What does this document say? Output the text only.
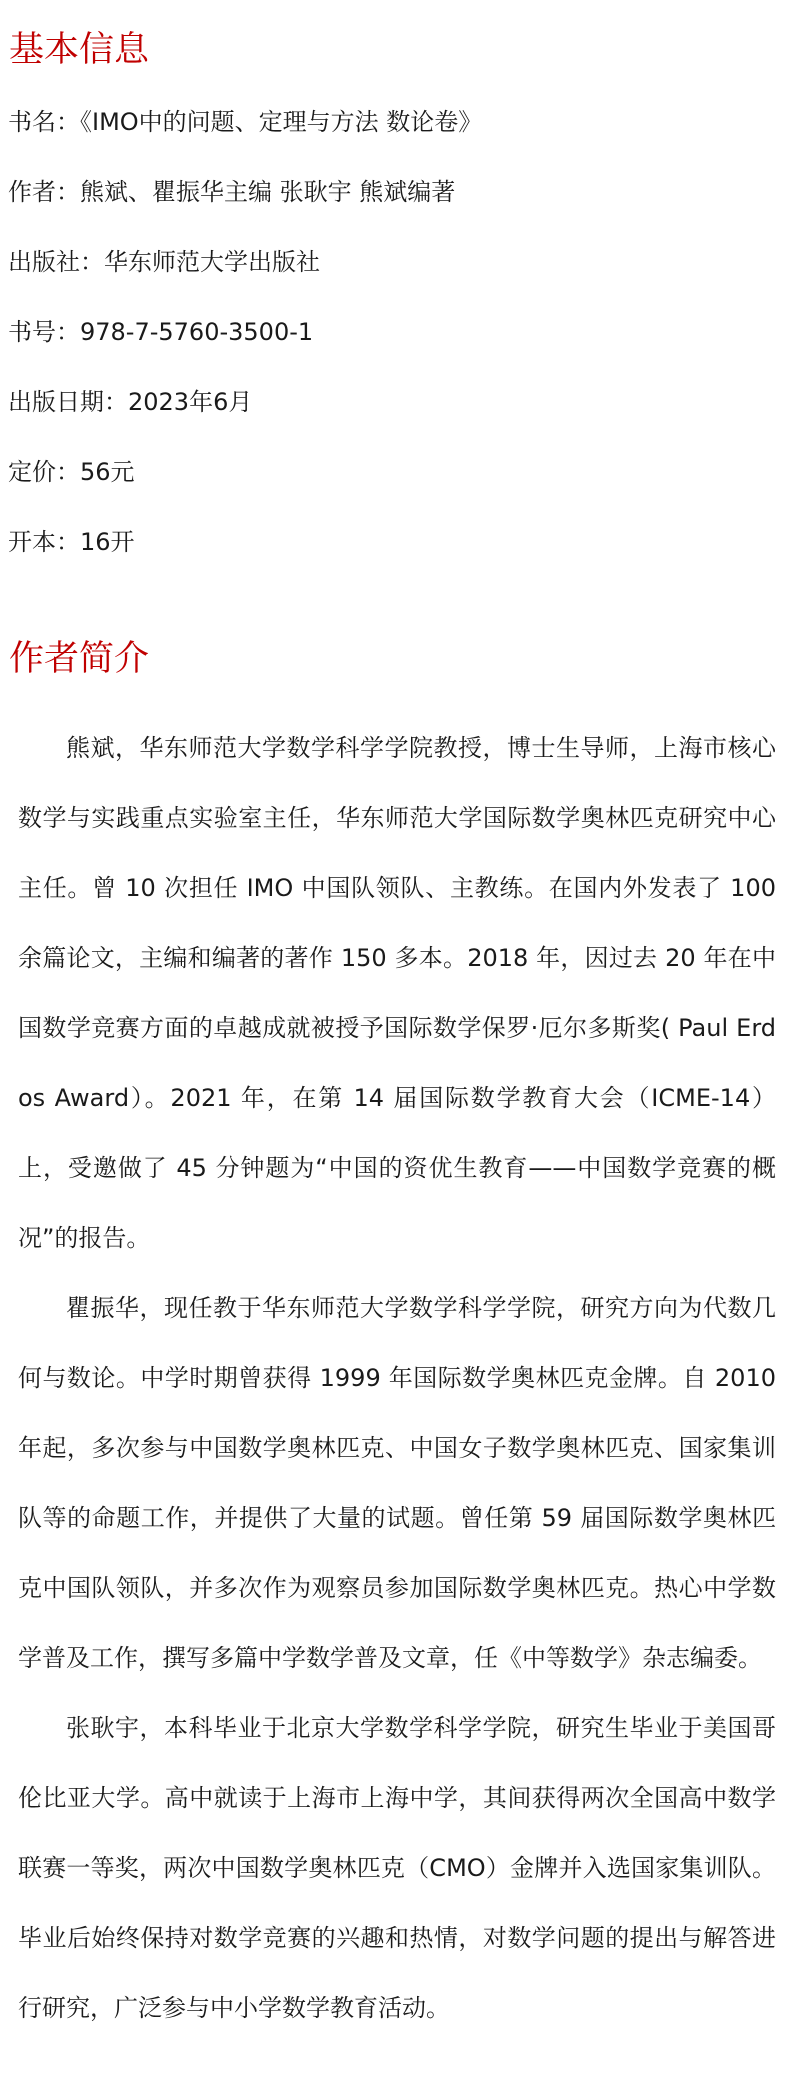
基本信息
书名：《IMO中的问题、定理与方法 数论卷》
作者：熊斌、瞿振华主编 张耿宇 熊斌编著
出版社：华东师范大学出版社
书号：978-7-5760-3500-1
出版日期：2023年6月
定价：56元
开本：16开
作者简介

熊斌，华东师范大学数学科学学院教授，博士生导师，上海市核心数学与实践重点实验室主任，华东师范大学国际数学奥林匹克研究中心主任。曾 10 次担任 IMO 中国队领队、主教练。在国内外发表了 100 余篇论文，主编和编著的著作 150 多本。2018 年，因过去 20 年在中国数学竞赛方面的卓越成就被授予国际数学保罗·厄尔多斯奖( Paul Erdos Award）。2021 年，在第 14 届国际数学教育大会（ICME-14）上，受邀做了 45 分钟题为“中国的资优生教育——中国数学竞赛的概况”的报告。

瞿振华，现任教于华东师范大学数学科学学院，研究方向为代数几何与数论。中学时期曾获得 1999 年国际数学奥林匹克金牌。自 2010 年起，多次参与中国数学奥林匹克、中国女子数学奥林匹克、国家集训队等的命题工作，并提供了大量的试题。曾任第 59 届国际数学奥林匹克中国队领队，并多次作为观察员参加国际数学奥林匹克。热心中学数学普及工作，撰写多篇中学数学普及文章，任《中等数学》杂志编委。

张耿宇，本科毕业于北京大学数学科学学院，研究生毕业于美国哥伦比亚大学。高中就读于上海市上海中学，其间获得两次全国高中数学联赛一等奖，两次中国数学奥林匹克（CMO）金牌并入选国家集训队。毕业后始终保持对数学竞赛的兴趣和热情，对数学问题的提出与解答进行研究，广泛参与中小学数学教育活动。
